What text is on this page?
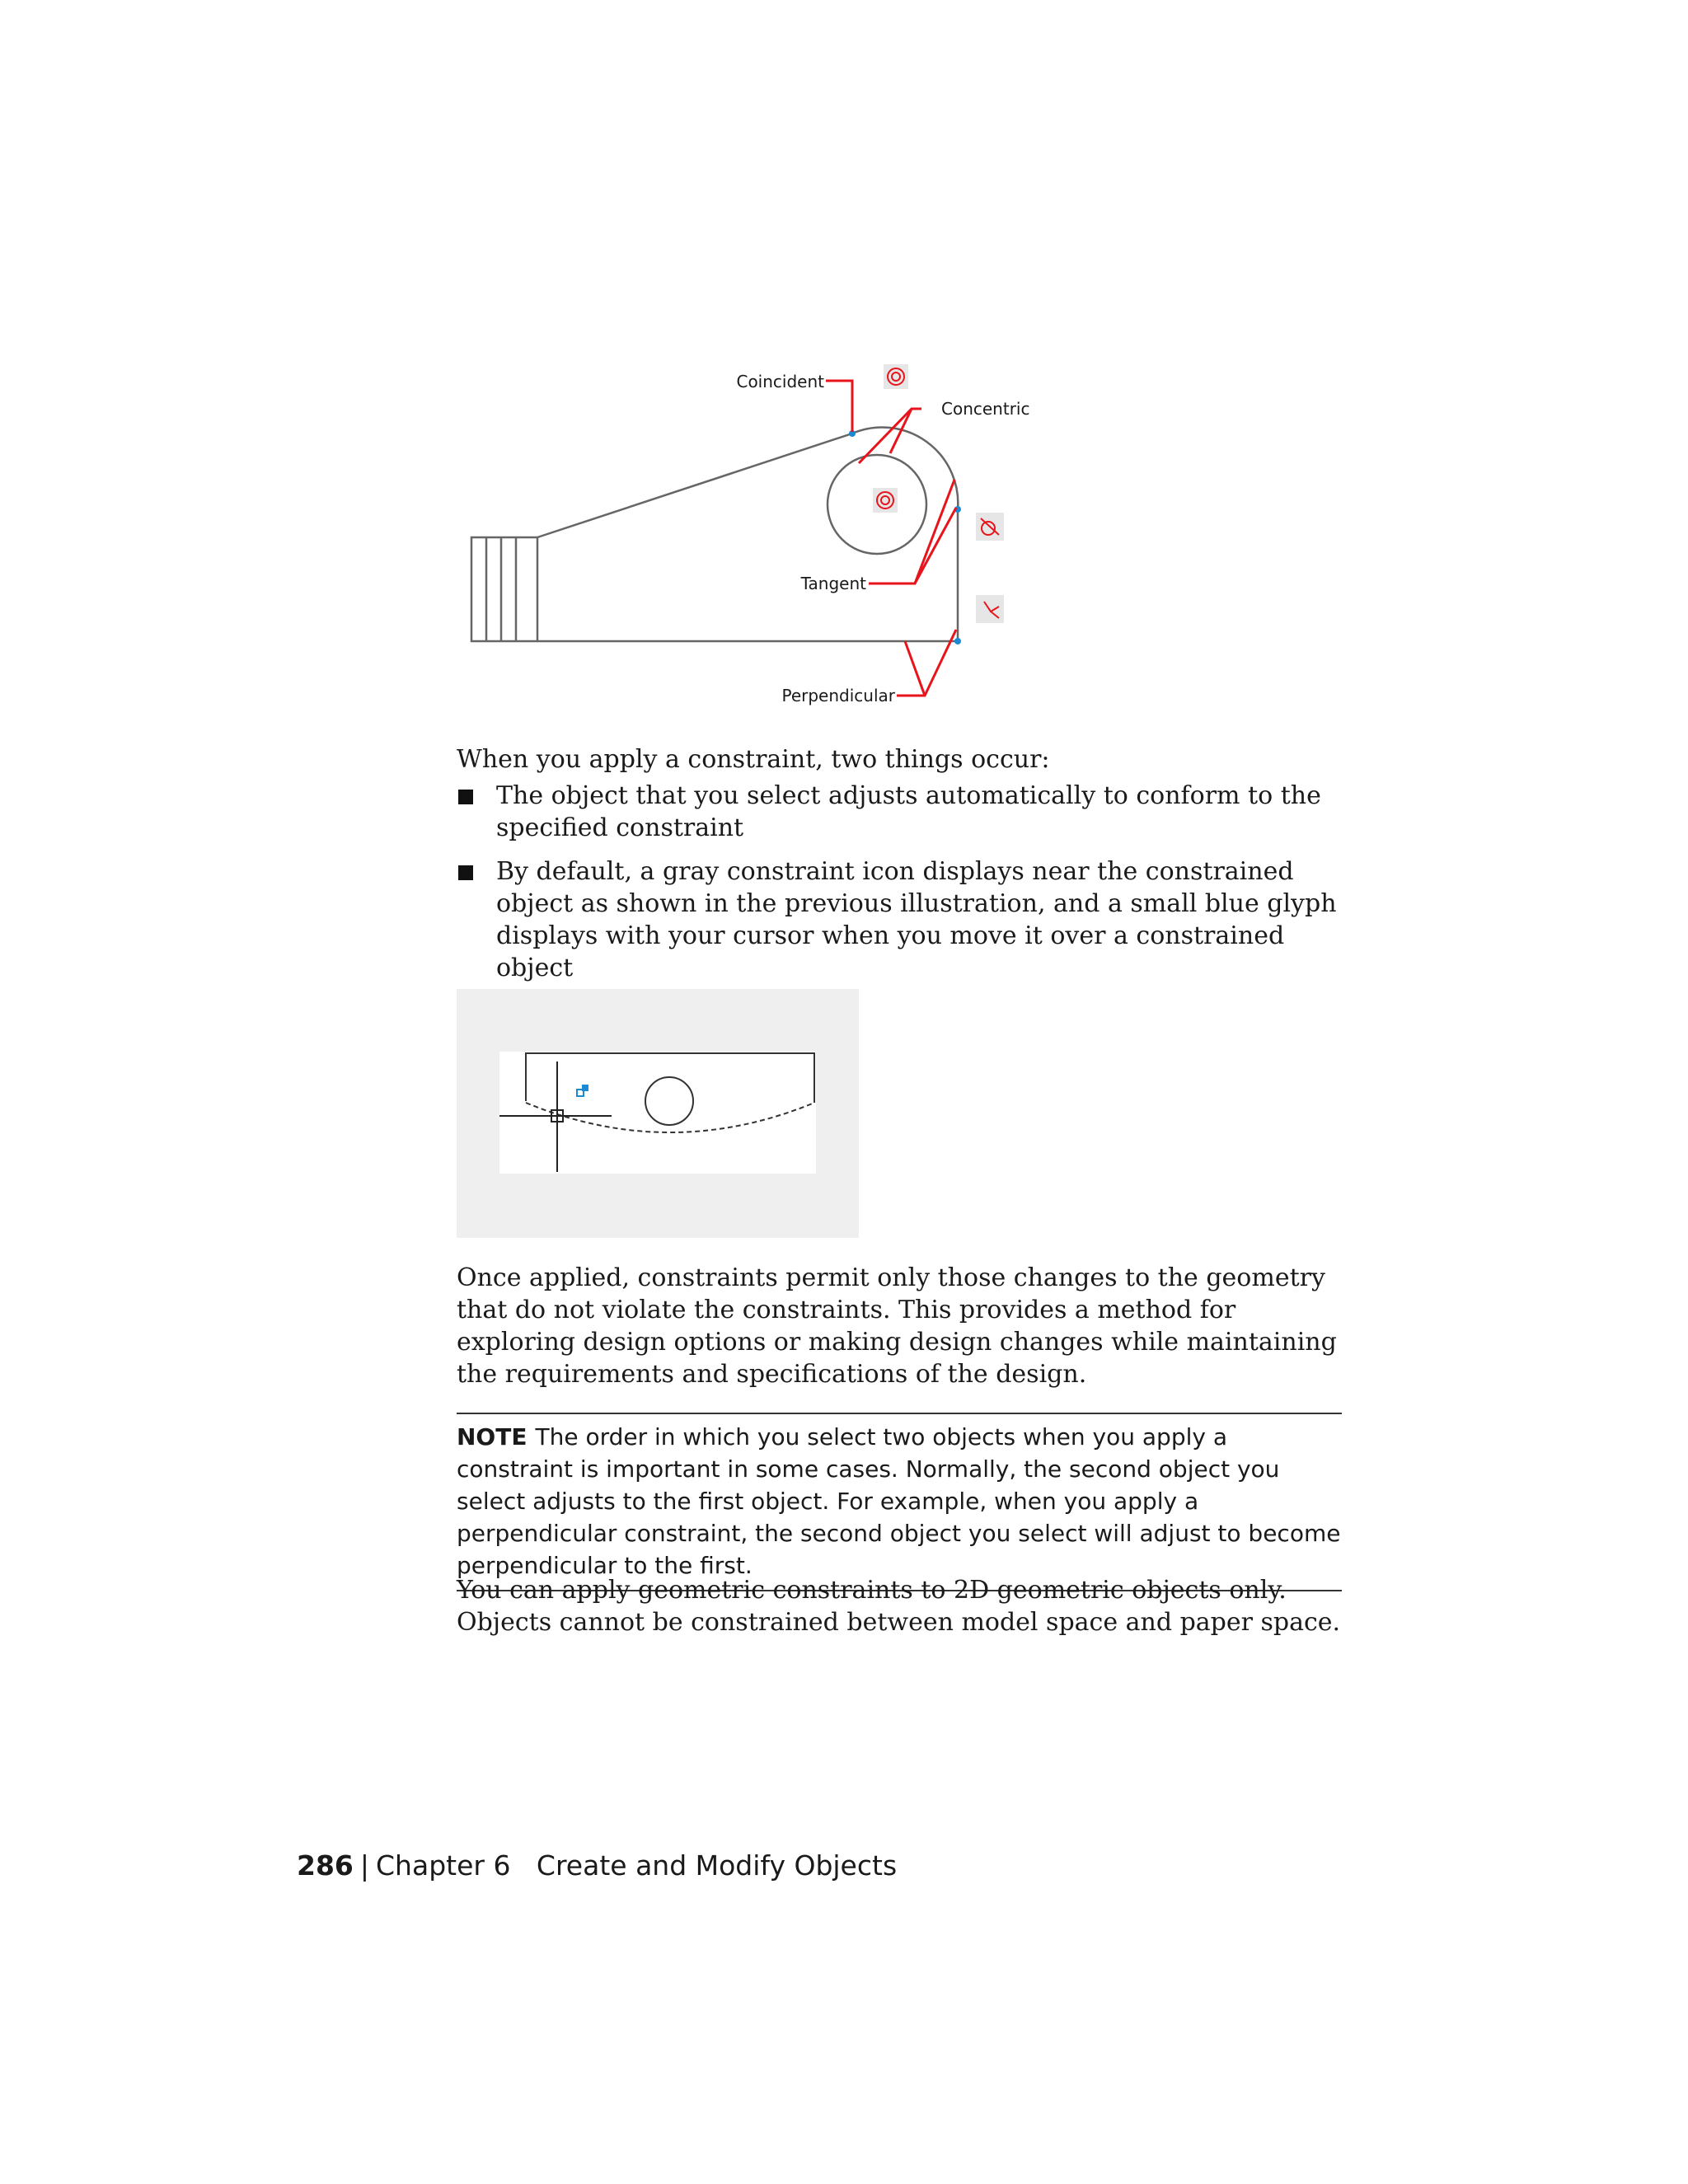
Coincident
Concentric
Tangent
Perpendicular
When you apply a constraint, two things occur:
The object that you select adjusts automatically to conform to the specified constraint
By default, a gray constraint icon displays near the constrained object as shown in the previous illustration, and a small blue glyph displays with your cursor when you move it over a constrained object
Once applied, constraints permit only those changes to the geometry that do not violate the constraints. This provides a method for exploring design options or making design changes while maintaining the requirements and specifications of the design.
NOTE The order in which you select two objects when you apply a constraint is important in some cases. Normally, the second object you select adjusts to the first object. For example, when you apply a perpendicular constraint, the second object you select will adjust to become perpendicular to the first.
You can apply geometric constraints to 2D geometric objects only. Objects cannot be constrained between model space and paper space.
286 | Chapter 6 Create and Modify Objects
